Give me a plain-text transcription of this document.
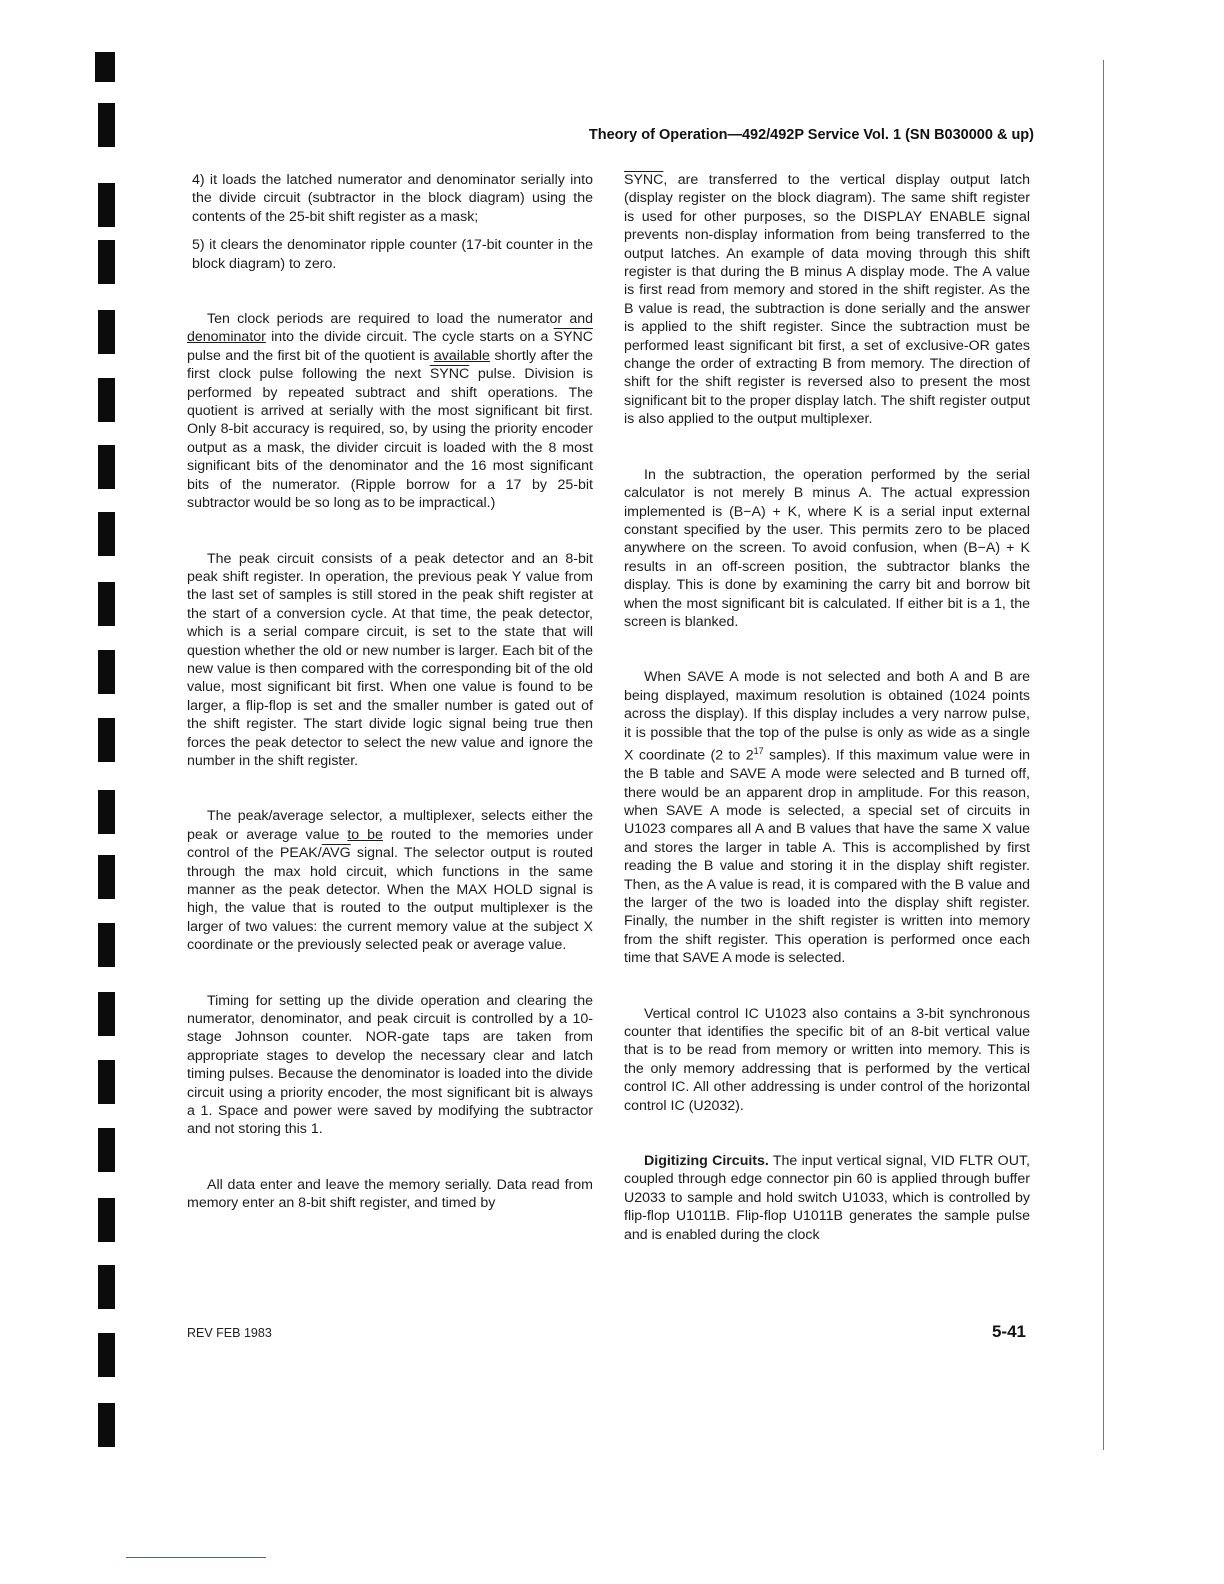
Theory of Operation—492/492P Service Vol. 1 (SN B030000 & up)

4) it loads the latched numerator and denominator serially into the divide circuit (subtractor in the block diagram) using the contents of the 25-bit shift register as a mask;

5) it clears the denominator ripple counter (17-bit counter in the block diagram) to zero.

Ten clock periods are required to load the numerator and denominator into the divide circuit. The cycle starts on a SYNC pulse and the first bit of the quotient is available shortly after the first clock pulse following the next SYNC pulse. Division is performed by repeated subtract and shift operations. The quotient is arrived at serially with the most significant bit first. Only 8-bit accuracy is required, so, by using the priority encoder output as a mask, the divider circuit is loaded with the 8 most significant bits of the denominator and the 16 most significant bits of the numerator. (Ripple borrow for a 17 by 25-bit subtractor would be so long as to be impractical.)

The peak circuit consists of a peak detector and an 8-bit peak shift register. In operation, the previous peak Y value from the last set of samples is still stored in the peak shift register at the start of a conversion cycle. At that time, the peak detector, which is a serial compare circuit, is set to the state that will question whether the old or new number is larger. Each bit of the new value is then compared with the corresponding bit of the old value, most significant bit first. When one value is found to be larger, a flip-flop is set and the smaller number is gated out of the shift register. The start divide logic signal being true then forces the peak detector to select the new value and ignore the number in the shift register.

The peak/average selector, a multiplexer, selects either the peak or average value to be routed to the memories under control of the PEAK/$\overline{AVG}$ signal. The selector output is routed through the max hold circuit, which functions in the same manner as the peak detector. When the MAX HOLD signal is high, the value that is routed to the output multiplexer is the larger of two values: the current memory value at the subject X coordinate or the previously selected peak or average value.

Timing for setting up the divide operation and clearing the numerator, denominator, and peak circuit is controlled by a 10-stage Johnson counter. NOR-gate taps are taken from appropriate stages to develop the necessary clear and latch timing pulses. Because the denominator is loaded into the divide circuit using a priority encoder, the most significant bit is always a 1. Space and power were saved by modifying the subtractor and not storing this 1.

All data enter and leave the memory serially. Data read from memory enter an 8-bit shift register, and timed by

SYNC, are transferred to the vertical display output latch (display register on the block diagram). The same shift register is used for other purposes, so the DISPLAY ENABLE signal prevents non-display information from being transferred to the output latches. An example of data moving through this shift register is that during the B minus A display mode. The A value is first read from memory and stored in the shift register. As the B value is read, the subtraction is done serially and the answer is applied to the shift register. Since the subtraction must be performed least significant bit first, a set of exclusive-OR gates change the order of extracting B from memory. The direction of shift for the shift register is reversed also to present the most significant bit to the proper display latch. The shift register output is also applied to the output multiplexer.

In the subtraction, the operation performed by the serial calculator is not merely B minus A. The actual expression implemented is (B−A) + K, where K is a serial input external constant specified by the user. This permits zero to be placed anywhere on the screen. To avoid confusion, when (B−A) + K results in an off-screen position, the subtractor blanks the display. This is done by examining the carry bit and borrow bit when the most significant bit is calculated. If either bit is a 1, the screen is blanked.

When SAVE A mode is not selected and both A and B are being displayed, maximum resolution is obtained (1024 points across the display). If this display includes a very narrow pulse, it is possible that the top of the pulse is only as wide as a single X coordinate (2 to $2^{17}$ samples). If this maximum value were in the B table and SAVE A mode were selected and B turned off, there would be an apparent drop in amplitude. For this reason, when SAVE A mode is selected, a special set of circuits in U1023 compares all A and B values that have the same X value and stores the larger in table A. This is accomplished by first reading the B value and storing it in the display shift register. Then, as the A value is read, it is compared with the B value and the larger of the two is loaded into the display shift register. Finally, the number in the shift register is written into memory from the shift register. This operation is performed once each time that SAVE A mode is selected.

Vertical control IC U1023 also contains a 3-bit synchronous counter that identifies the specific bit of an 8-bit vertical value that is to be read from memory or written into memory. This is the only memory addressing that is performed by the vertical control IC. All other addressing is under control of the horizontal control IC (U2032).

Digitizing Circuits. The input vertical signal, VID FLTR OUT, coupled through edge connector pin 60 is applied through buffer U2033 to sample and hold switch U1033, which is controlled by flip-flop U1011B. Flip-flop U1011B generates the sample pulse and is enabled during the clock

REV FEB 1983	5-41
